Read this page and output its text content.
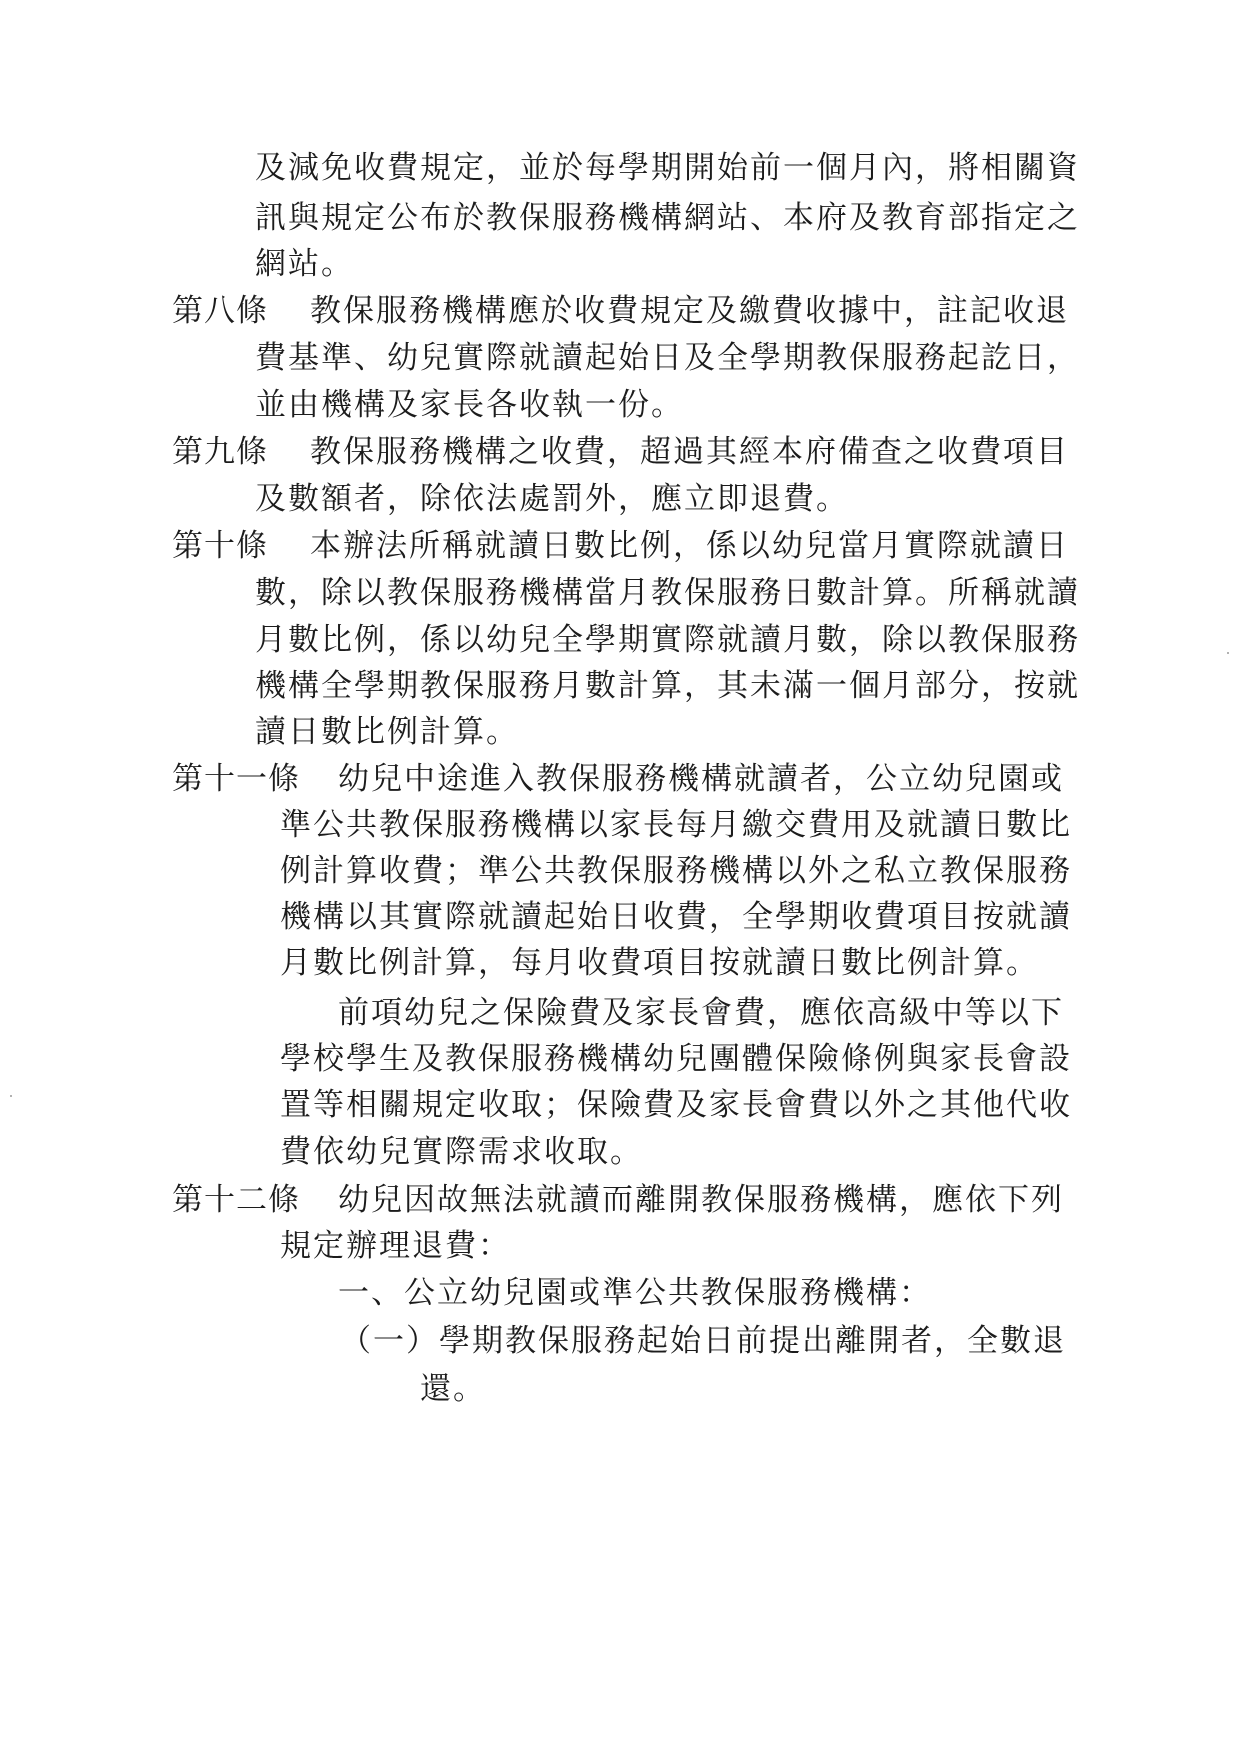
及減免收費規定，並於每學期開始前一個月內，將相關資

訊與規定公布於教保服務機構網站、本府及教育部指定之

網站。

第八條 教保服務機構應於收費規定及繳費收據中，註記收退

費基準、幼兒實際就讀起始日及全學期教保服務起訖日，

並由機構及家長各收執一份。

第九條 教保服務機構之收費，超過其經本府備查之收費項目

及數額者，除依法處罰外，應立即退費。

第十條 本辦法所稱就讀日數比例，係以幼兒當月實際就讀日

數，除以教保服務機構當月教保服務日數計算。所稱就讀

月數比例，係以幼兒全學期實際就讀月數，除以教保服務

機構全學期教保服務月數計算，其未滿一個月部分，按就

讀日數比例計算。

第十一條 幼兒中途進入教保服務機構就讀者，公立幼兒園或

準公共教保服務機構以家長每月繳交費用及就讀日數比

例計算收費；準公共教保服務機構以外之私立教保服務

機構以其實際就讀起始日收費，全學期收費項目按就讀

月數比例計算，每月收費項目按就讀日數比例計算。

前項幼兒之保險費及家長會費，應依高級中等以下

學校學生及教保服務機構幼兒團體保險條例與家長會設

置等相關規定收取；保險費及家長會費以外之其他代收

費依幼兒實際需求收取。

第十二條 幼兒因故無法就讀而離開教保服務機構，應依下列

規定辦理退費：

一、公立幼兒園或準公共教保服務機構：

（一）學期教保服務起始日前提出離開者，全數退

還。
